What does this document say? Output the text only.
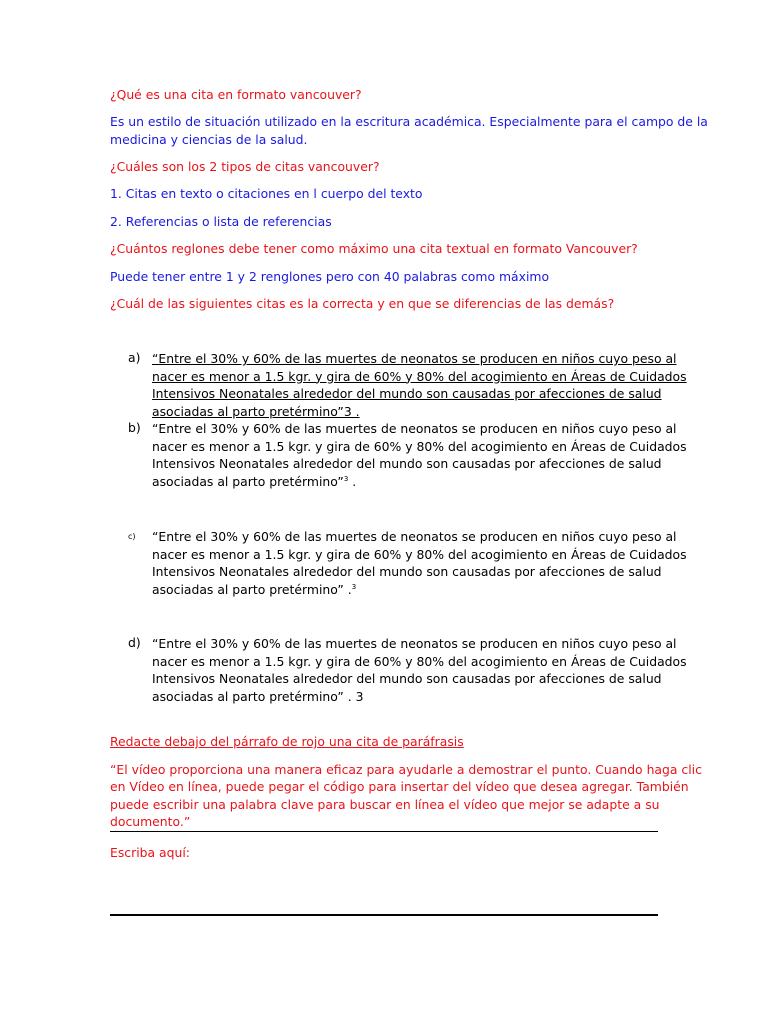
¿Qué es una cita en formato vancouver?
Es un estilo de situación utilizado en la escritura académica. Especialmente para el campo de la
medicina y ciencias de la salud.
¿Cuáles son los 2 tipos de citas vancouver?
1. Citas en texto o citaciones en l cuerpo del texto
2. Referencias o lista de referencias
¿Cuántos reglones debe tener como máximo una cita textual en formato Vancouver?
Puede tener entre 1 y 2 renglones pero con 40 palabras como máximo
¿Cuál de las siguientes citas es la correcta y en que se diferencias de las demás?
a) “Entre el 30% y 60% de las muertes de neonatos se producen en niños cuyo peso al
nacer es menor a 1.5 kgr. y gira de 60% y 80% del acogimiento en Áreas de Cuidados
Intensivos Neonatales alrededor del mundo son causadas por afecciones de salud
asociadas al parto pretérmino”3 .
b) “Entre el 30% y 60% de las muertes de neonatos se producen en niños cuyo peso al
nacer es menor a 1.5 kgr. y gira de 60% y 80% del acogimiento en Áreas de Cuidados
Intensivos Neonatales alrededor del mundo son causadas por afecciones de salud
asociadas al parto pretérmino”$^3$ .
c) “Entre el 30% y 60% de las muertes de neonatos se producen en niños cuyo peso al
nacer es menor a 1.5 kgr. y gira de 60% y 80% del acogimiento en Áreas de Cuidados
Intensivos Neonatales alrededor del mundo son causadas por afecciones de salud
asociadas al parto pretérmino” .$^3$
d) “Entre el 30% y 60% de las muertes de neonatos se producen en niños cuyo peso al
nacer es menor a 1.5 kgr. y gira de 60% y 80% del acogimiento en Áreas de Cuidados
Intensivos Neonatales alrededor del mundo son causadas por afecciones de salud
asociadas al parto pretérmino” . 3
Redacte debajo del párrafo de rojo una cita de paráfrasis
“El vídeo proporciona una manera eficaz para ayudarle a demostrar el punto. Cuando haga clic
en Vídeo en línea, puede pegar el código para insertar del vídeo que desea agregar. También
puede escribir una palabra clave para buscar en línea el vídeo que mejor se adapte a su
documento.”
Escriba aquí:
